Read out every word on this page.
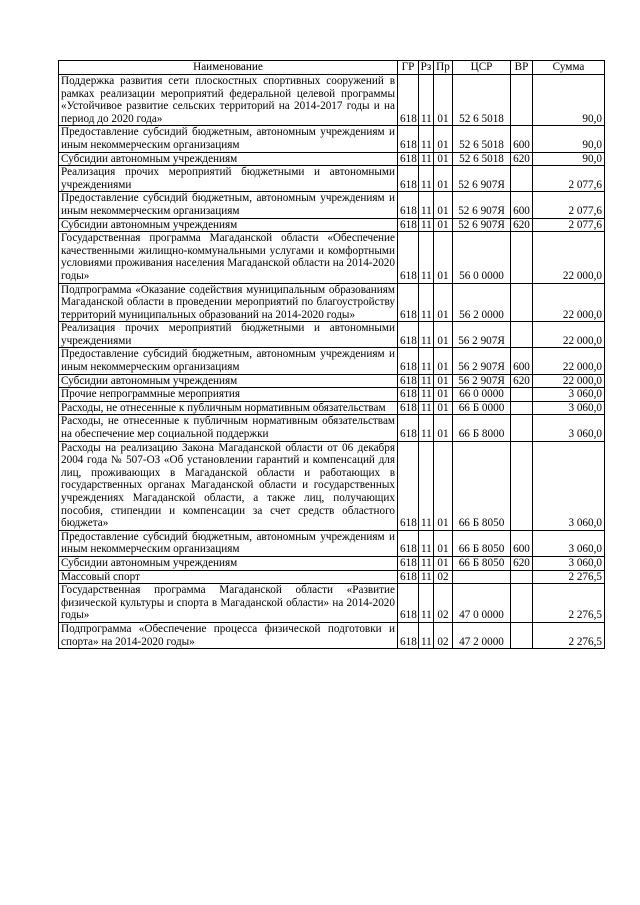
Наименование	ГР	Рз	Пр	ЦСР	ВР	Сумма
Поддержка развития сети плоскостных спортивных сооружений в рамках реализации мероприятий федеральной целевой программы «Устойчивое развитие сельских территорий на 2014-2017 годы и на период до 2020 года»	618	11	01	52 6 5018		90,0
Предоставление субсидий бюджетным, автономным учреждениям и иным некоммерческим организациям	618	11	01	52 6 5018	600	90,0
Субсидии автономным учреждениям	618	11	01	52 6 5018	620	90,0
Реализация прочих мероприятий бюджетными и автономными учреждениями	618	11	01	52 6 907Я		2 077,6
Предоставление субсидий бюджетным, автономным учреждениям и иным некоммерческим организациям	618	11	01	52 6 907Я	600	2 077,6
Субсидии автономным учреждениям	618	11	01	52 6 907Я	620	2 077,6
Государственная программа Магаданской области «Обеспечение качественными жилищно-коммунальными услугами и комфортными условиями проживания населения Магаданской области на 2014-2020 годы»	618	11	01	56 0 0000		22 000,0
Подпрограмма «Оказание содействия муниципальным образованиям Магаданской области в проведении мероприятий по благоустройству территорий муниципальных образований на 2014-2020 годы»	618	11	01	56 2 0000		22 000,0
Реализация прочих мероприятий бюджетными и автономными учреждениями	618	11	01	56 2 907Я		22 000,0
Предоставление субсидий бюджетным, автономным учреждениям и иным некоммерческим организациям	618	11	01	56 2 907Я	600	22 000,0
Субсидии автономным учреждениям	618	11	01	56 2 907Я	620	22 000,0
Прочие непрограммные мероприятия	618	11	01	66 0 0000		3 060,0
Расходы, не отнесенные к публичным нормативным обязательствам	618	11	01	66 Б 0000		3 060,0
Расходы, не отнесенные к публичным нормативным обязательствам на обеспечение мер социальной поддержки	618	11	01	66 Б 8000		3 060,0
Расходы на реализацию Закона Магаданской области от 06 декабря 2004 года № 507-ОЗ «Об установлении гарантий и компенсаций для лиц, проживающих в Магаданской области и работающих в государственных органах Магаданской области и государственных учреждениях Магаданской области, а также лиц, получающих пособия, стипендии и компенсации за счет средств областного бюджета»	618	11	01	66 Б 8050		3 060,0
Предоставление субсидий бюджетным, автономным учреждениям и иным некоммерческим организациям	618	11	01	66 Б 8050	600	3 060,0
Субсидии автономным учреждениям	618	11	01	66 Б 8050	620	3 060,0
Массовый спорт	618	11	02			2 276,5
Государственная программа Магаданской области «Развитие физической культуры и спорта в Магаданской области» на 2014-2020 годы»	618	11	02	47 0 0000		2 276,5
Подпрограмма «Обеспечение процесса физической подготовки и спорта» на 2014-2020 годы»	618	11	02	47 2 0000		2 276,5
